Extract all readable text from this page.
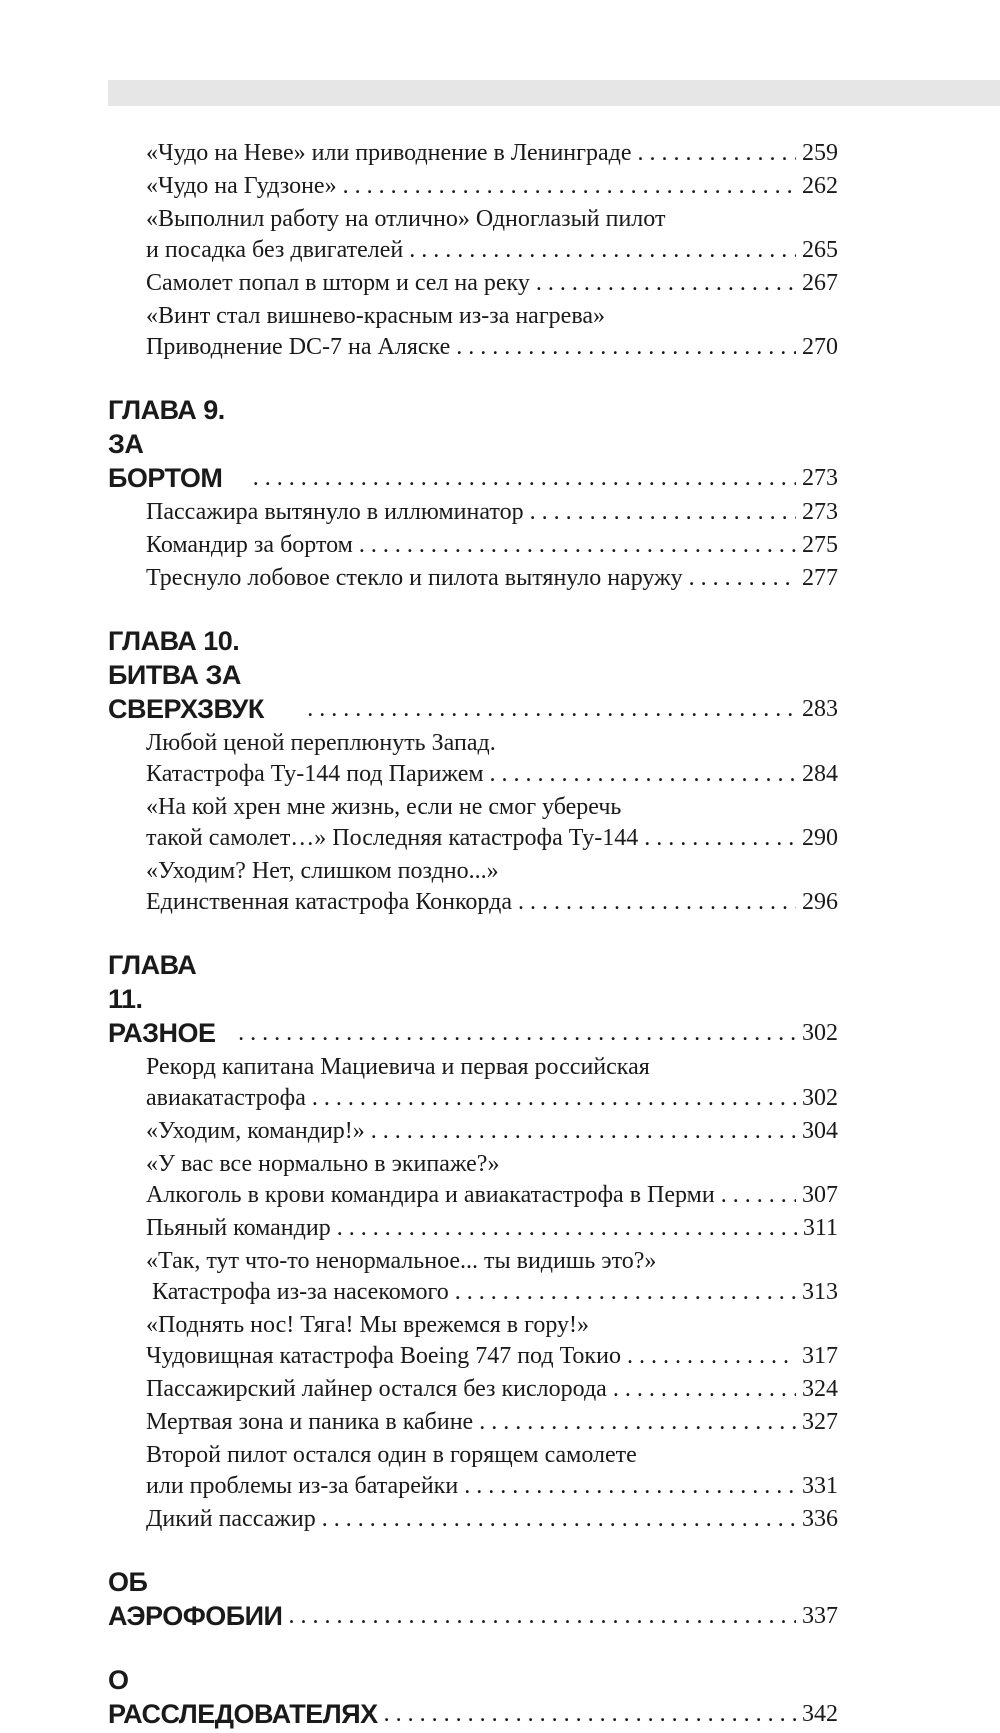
«Чудо на Неве» или приводнение в Ленинграде . . .	259
«Чудо на Гудзоне» . . .	262
«Выполнил работу на отлично» Одноглазый пилот
и посадка без двигателей . . .	265
Самолет попал в шторм и сел на реку . . .	267
«Винт стал вишнево-красным из-за нагрева»
Приводнение DC-7 на Аляске . . .	270
ГЛАВА 9. ЗА БОРТОМ . . .	273
Пассажира вытянуло в иллюминатор . . .	273
Командир за бортом . . .	275
Треснуло лобовое стекло и пилота вытянуло наружу . . .	277
ГЛАВА 10. БИТВА ЗА СВЕРХЗВУК . . .	283
Любой ценой переплюнуть Запад.
Катастрофа Ту-144 под Парижем . . .	284
«На кой хрен мне жизнь, если не смог уберечь
такой самолет…» Последняя катастрофа Ту-144 . . .	290
«Уходим? Нет, слишком поздно...»
Единственная катастрофа Конкорда . . .	296
ГЛАВА 11. РАЗНОЕ . . .	302
Рекорд капитана Мациевича и первая российская
авиакатастрофа . . .	302
«Уходим, командир!» . . .	304
«У вас все нормально в экипаже?»
Алкоголь в крови командира и авиакатастрофа в Перми . . .	307
Пьяный командир . . .	311
«Так, тут что-то ненормальное... ты видишь это?»
Катастрофа из-за насекомого . . .	313
«Поднять нос! Тяга! Мы врежемся в гору!»
Чудовищная катастрофа Boeing 747 под Токио . . .	317
Пассажирский лайнер остался без кислорода . . .	324
Мертвая зона и паника в кабине . . .	327
Второй пилот остался один в горящем самолете
или проблемы из-за батарейки . . .	331
Дикий пассажир . . .	336
ОБ АЭРОФОБИИ . . .	337
О РАССЛЕДОВАТЕЛЯХ . . .	342
